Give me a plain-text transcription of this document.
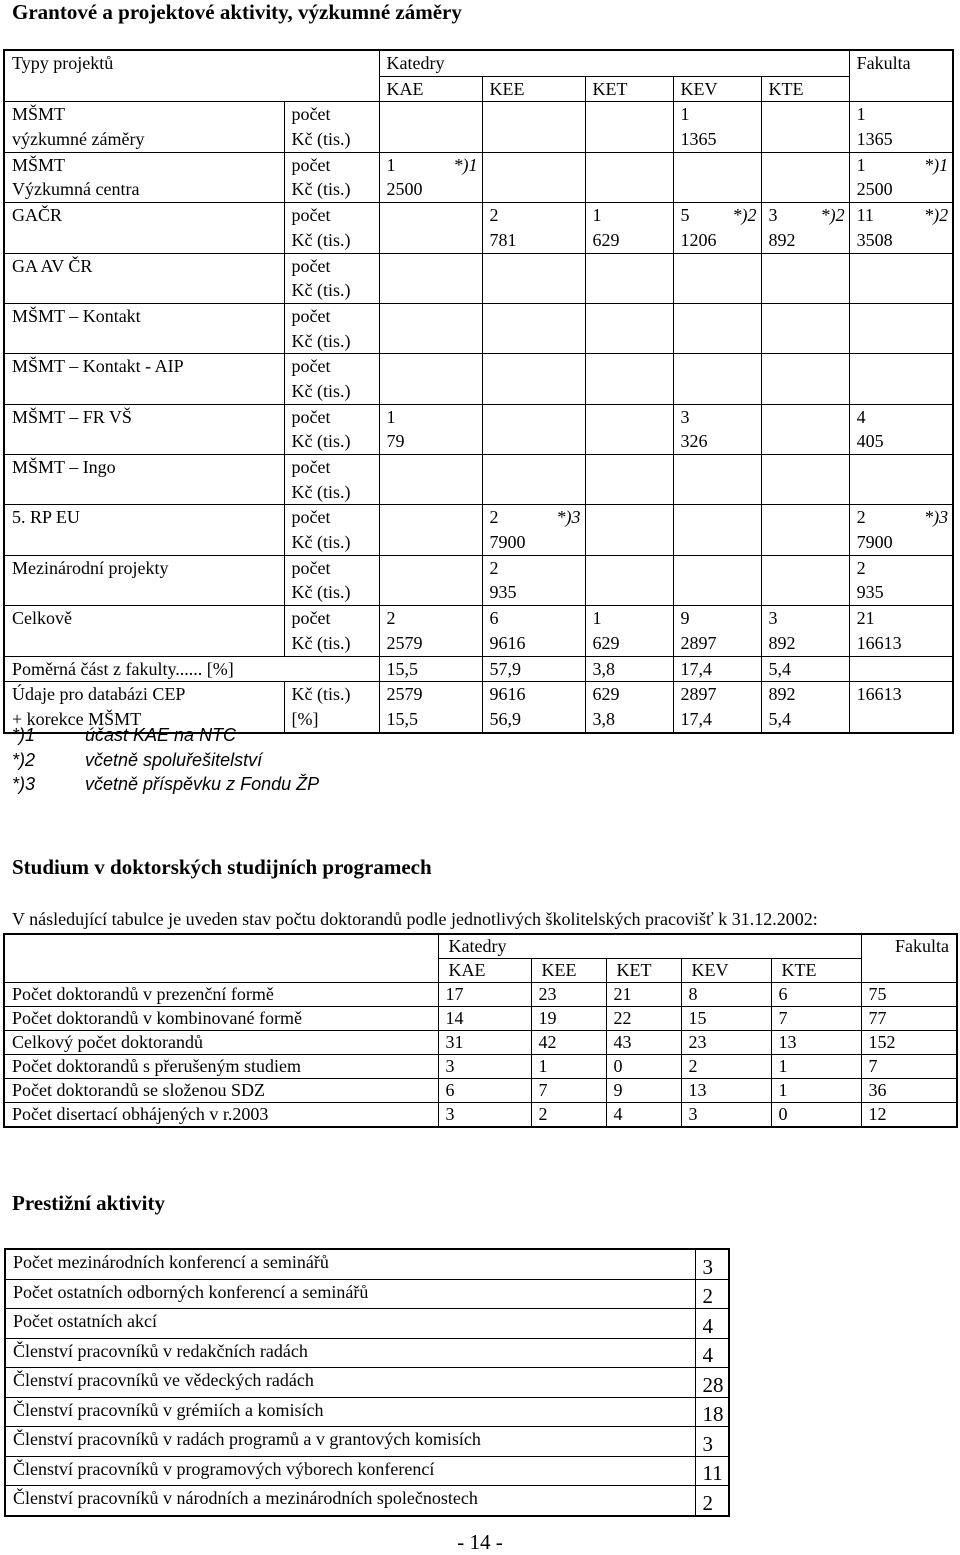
Grantové a projektové aktivity, výzkumné záměry
Typy projektů		Katedry					Fakulta
		KAE	KEE	KET	KEV	KTE	
MŠMT	počet				1		1
výzkumné záměry	Kč (tis.)				1365		1365
MŠMT	počet	1 *)1					1 *)1

Výzkumná centra	Kč (tis.)	2500					2500
GAČR	počet		2	1	5 *)2	3 *)2	11 *)2

	Kč (tis.)		781	629	1206	892	3508
GA AV ČR	počet						
	Kč (tis.)						
MŠMT – Kontakt	počet						
	Kč (tis.)						
MŠMT – Kontakt - AIP	počet						
	Kč (tis.)						
MŠMT – FR VŠ	počet	1			3		4
	Kč (tis.)	79			326		405
MŠMT – Ingo	počet						
	Kč (tis.)						
5. RP EU	počet		2 *)3				2 *)3

	Kč (tis.)		7900				7900
Mezinárodní projekty	počet		2				2
	Kč (tis.)		935				935
Celkově	počet	2	6	1	9	3	21
	Kč (tis.)	2579	9616	629	2897	892	16613
Poměrná část z fakulty...... [%]		15,5	57,9	3,8	17,4	5,4	
Údaje pro databázi CEP	Kč (tis.)	2579	9616	629	2897	892	16613
+ korekce MŠMT	[%]	15,5	56,9	3,8	17,4	5,4	
*)1	účast KAE na NTC
*)2	včetně spoluřešitelství
*)3	včetně příspěvku z Fondu ŽP
Studium v doktorských studijních programech
V následující tabulce je uveden stav počtu doktorandů podle jednotlivých školitelských pracovišť k 31.12.2002:
	Katedry					Fakulta
	KAE	KEE	KET	KEV	KTE	
Počet doktorandů v prezenční formě	17	23	21	8	6	75
Počet doktorandů v kombinované formě	14	19	22	15	7	77
Celkový počet doktorandů	31	42	43	23	13	152
Počet doktorandů s přerušeným studiem	3	1	0	2	1	7
Počet doktorandů se složenou SDZ	6	7	9	13	1	36
Počet disertací obhájených v r.2003	3	2	4	3	0	12
Prestižní aktivity
Počet mezinárodních konferencí a seminářů	3
Počet ostatních odborných konferencí a seminářů	2
Počet ostatních akcí	4
Členství pracovníků v redakčních radách	4
Členství pracovníků ve vědeckých radách	28
Členství pracovníků v grémiích a komisích	18
Členství pracovníků v radách programů a v grantových komisích	3
Členství pracovníků v programových výborech konferencí	11
Členství pracovníků v národních a mezinárodních společnostech	2
- 14 -
